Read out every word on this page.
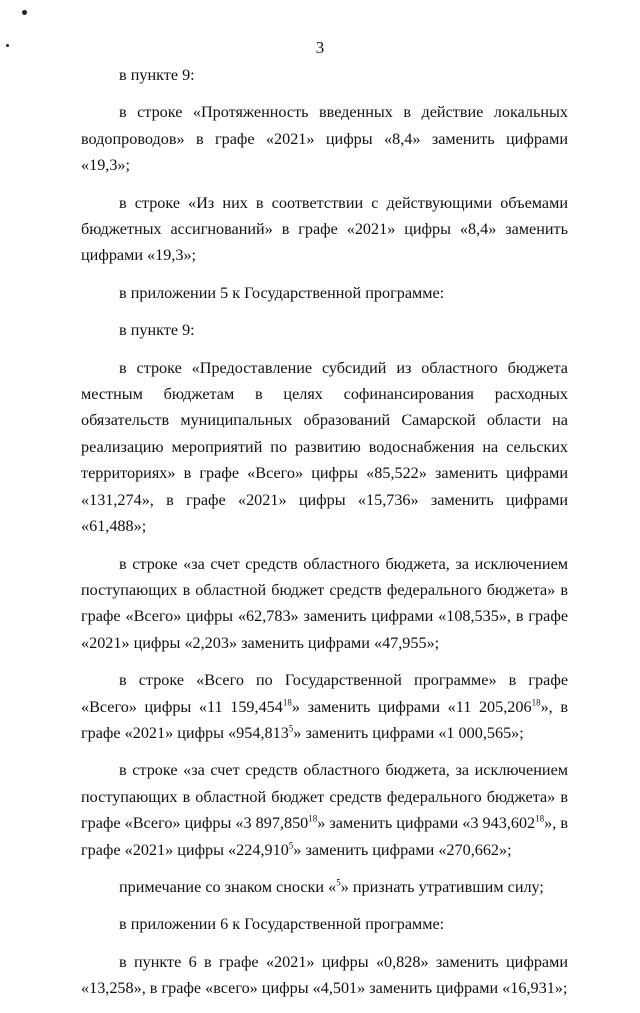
3

в пункте 9:

в строке «Протяженность введенных в действие локальных водопроводов» в графе «2021» цифры «8,4» заменить цифрами «19,3»;

в строке «Из них в соответствии с действующими объемами бюджетных ассигнований» в графе «2021» цифры «8,4» заменить цифрами «19,3»;

в приложении 5 к Государственной программе:

в пункте 9:

в строке «Предоставление субсидий из областного бюджета местным бюджетам в целях софинансирования расходных обязательств муниципальных образований Самарской области на реализацию мероприятий по развитию водоснабжения на сельских территориях» в графе «Всего» цифры «85,522» заменить цифрами «131,274», в графе «2021» цифры «15,736» заменить цифрами «61,488»;

в строке «за счет средств областного бюджета, за исключением поступающих в областной бюджет средств федерального бюджета» в графе «Всего» цифры «62,783» заменить цифрами «108,535», в графе «2021» цифры «2,203» заменить цифрами «47,955»;

в строке «Всего по Государственной программе» в графе «Всего» цифры «11 159,454$^{18}$» заменить цифрами «11 205,206$^{18}$», в графе «2021» цифры «954,813$^5$» заменить цифрами «1 000,565»;

в строке «за счет средств областного бюджета, за исключением поступающих в областной бюджет средств федерального бюджета» в графе «Всего» цифры «3 897,850$^{18}$» заменить цифрами «3 943,602$^{18}$», в графе «2021» цифры «224,910$^5$» заменить цифрами «270,662»;

примечание со знаком сноски «$^5$» признать утратившим силу;

в приложении 6 к Государственной программе:

в пункте 6 в графе «2021» цифры «0,828» заменить цифрами «13,258», в графе «всего» цифры «4,501» заменить цифрами «16,931»;
